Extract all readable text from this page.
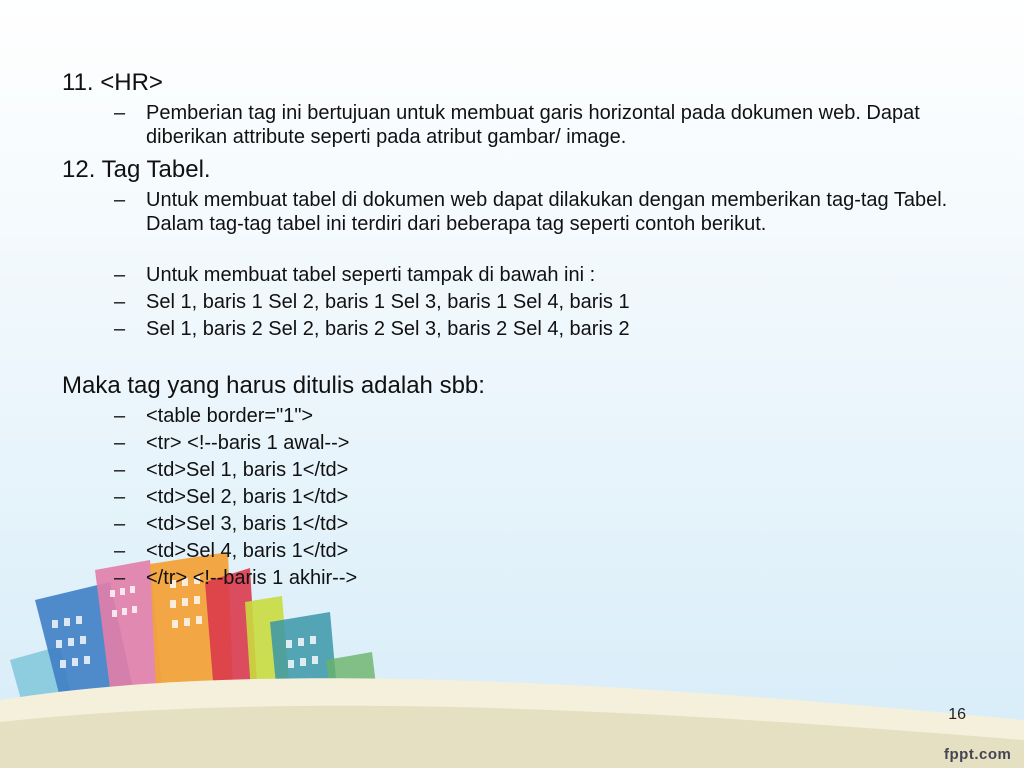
11. <HR>

– Pemberian tag ini bertujuan untuk membuat garis horizontal pada dokumen web. Dapat diberikan attribute seperti pada atribut gambar/ image.

12. Tag Tabel.

– Untuk membuat tabel di dokumen web dapat dilakukan dengan memberikan tag-tag Tabel. Dalam tag-tag tabel ini terdiri dari beberapa tag seperti contoh berikut.

– Untuk membuat tabel seperti tampak di bawah ini :

– Sel 1, baris 1 Sel 2, baris 1 Sel 3, baris 1 Sel 4, baris 1

– Sel 1, baris 2 Sel 2, baris 2 Sel 3, baris 2 Sel 4, baris 2

Maka tag yang harus ditulis adalah sbb:

– <table border="1">

– <tr> <!--baris 1 awal-->

– <td>Sel 1, baris 1</td>

– <td>Sel 2, baris 1</td>

– <td>Sel 3, baris 1</td>

– <td>Sel 4, baris 1</td>

– </tr> <!--baris 1 akhir-->

16
fppt.com
